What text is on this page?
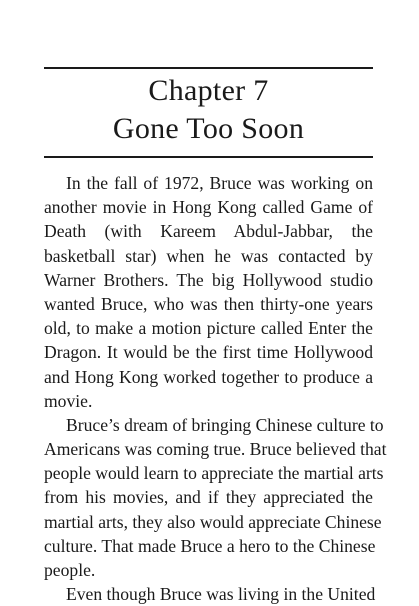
Chapter 7
Gone Too Soon
In the fall of 1972, Bruce was working on
another movie in Hong Kong called Game of
Death (with Kareem Abdul-Jabbar, the
basketball star) when he was contacted by
Warner Brothers. The big Hollywood studio
wanted Bruce, who was then thirty-one years
old, to make a motion picture called Enter the
Dragon. It would be the first time Hollywood
and Hong Kong worked together to produce a
movie.
Bruce’s dream of bringing Chinese culture to
Americans was coming true. Bruce believed that
people would learn to appreciate the martial arts
from his movies, and if they appreciated the
martial arts, they also would appreciate Chinese
culture. That made Bruce a hero to the Chinese
people.
Even though Bruce was living in the United
